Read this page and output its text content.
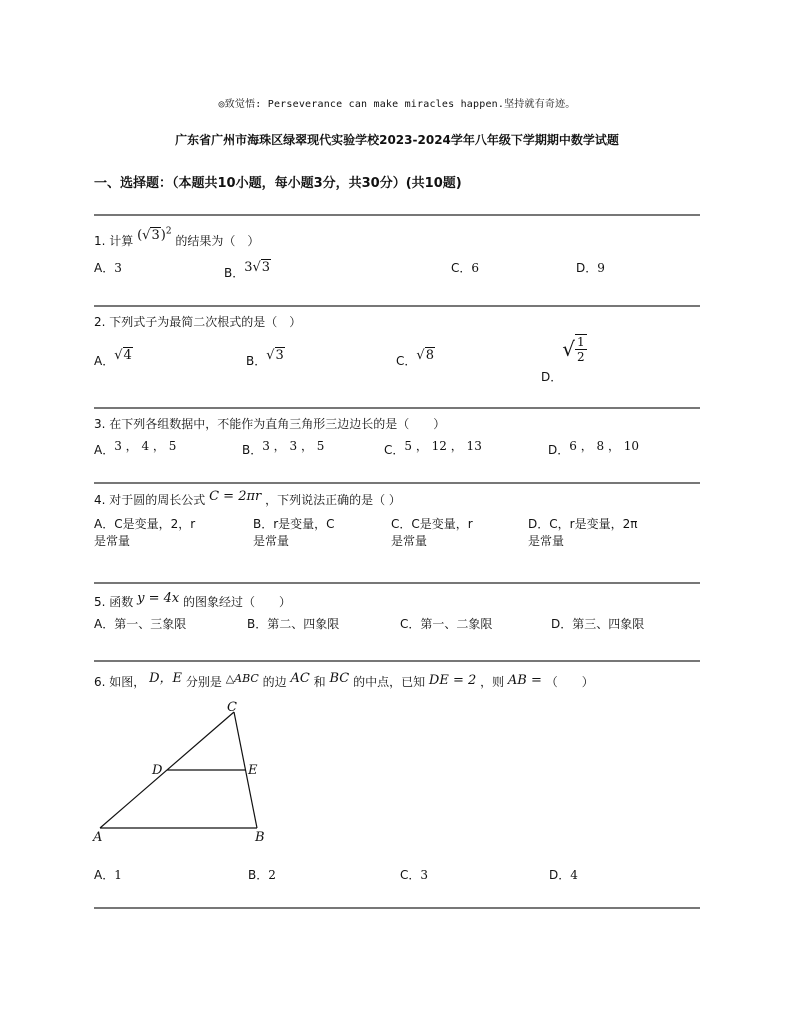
◎致觉悟: Perseverance can make miracles happen.坚持就有奇迹。
广东省广州市海珠区绿翠现代实验学校2023-2024学年八年级下学期期中数学试题
一、选择题：（本题共10小题，每小题3分，共30分）(共10题)
1. 计算 $(√3)^2$ 的结果为（　）
A．3	B．3√3	C．6	D．9
2. 下列式子为最简二次根式的是（　）
A．√4	B．√3	C．√8
D．√ $\frac{1}{2}$
3. 在下列各组数据中，不能作为直角三角形三边边长的是（　　）
A．3 ， 4 ， 5	B．3 ， 3 ， 5	C．5 ， 12 ， 13	D．6 ， 8 ， 10
4. 对于圆的周长公式 C = 2πr ，下列说法正确的是（ ）
A．C是变量，2，r
是常量
B．r是变量，C
是常量
C．C是变量，r
是常量
D．C，r是变量，2π
是常量
5. 函数 y = 4x 的图象经过（　　）
A．第一、三象限	B．第二、四象限	C．第一、二象限	D．第三、四象限
6. 如图， D，E 分别是 △ABC 的边 AC 和 BC 的中点，已知 DE = 2 ，则 AB = （　　）
A	B
C
D	E
A．1	B．2	C．3	D．4
